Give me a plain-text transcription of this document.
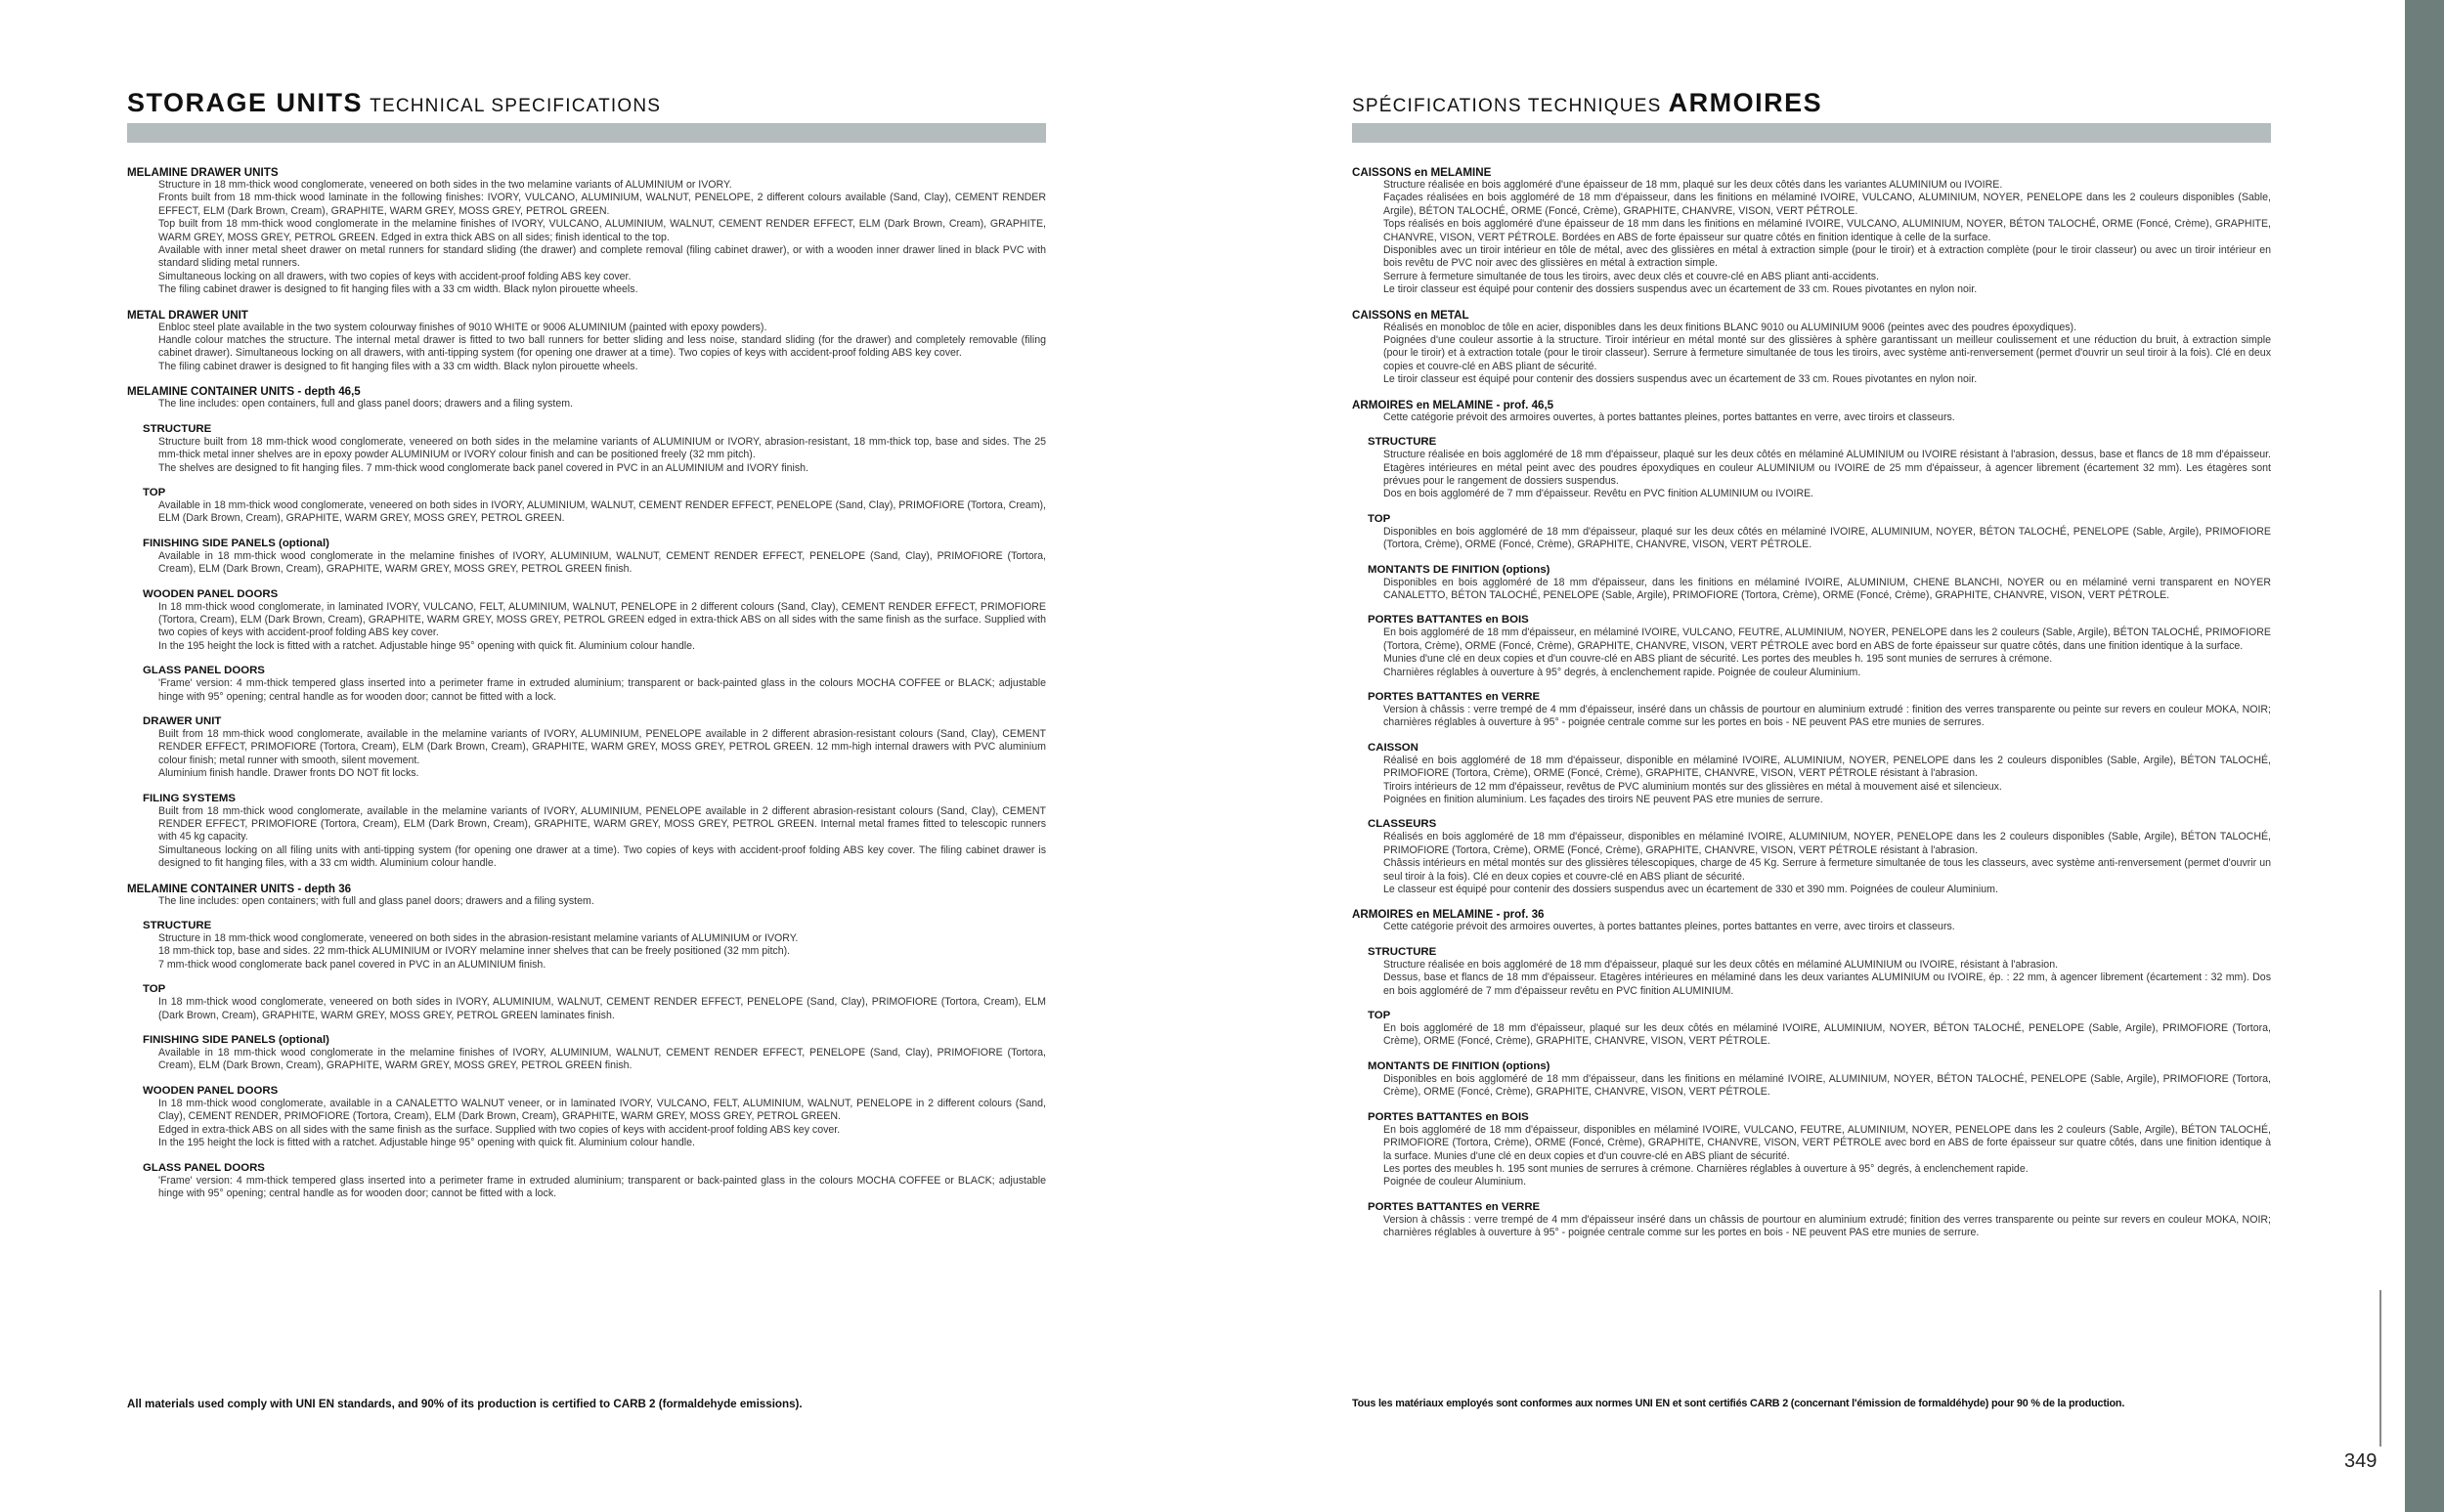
STORAGE UNITS TECHNICAL SPECIFICATIONS
MELAMINE DRAWER UNITS
Structure in 18 mm-thick wood conglomerate, veneered on both sides in the two melamine variants of ALUMINIUM or IVORY.
Fronts built from 18 mm-thick wood laminate in the following finishes: IVORY, VULCANO, ALUMINIUM, WALNUT, PENELOPE, 2 different colours available (Sand, Clay), CEMENT RENDER EFFECT, ELM (Dark Brown, Cream), GRAPHITE, WARM GREY, MOSS GREY, PETROL GREEN.
Top built from 18 mm-thick wood conglomerate in the melamine finishes of IVORY, VULCANO, ALUMINIUM, WALNUT, CEMENT RENDER EFFECT, ELM (Dark Brown, Cream), GRAPHITE, WARM GREY, MOSS GREY, PETROL GREEN. Edged in extra thick ABS on all sides; finish identical to the top.
Available with inner metal sheet drawer on metal runners for standard sliding (the drawer) and complete removal (filing cabinet drawer), or with a wooden inner drawer lined in black PVC with standard sliding metal runners.
Simultaneous locking on all drawers, with two copies of keys with accident-proof folding ABS key cover.
The filing cabinet drawer is designed to fit hanging files with a 33 cm width. Black nylon pirouette wheels.
METAL DRAWER UNIT
Enbloc steel plate available in the two system colourway finishes of 9010 WHITE or 9006 ALUMINIUM (painted with epoxy powders).
Handle colour matches the structure. The internal metal drawer is fitted to two ball runners for better sliding and less noise, standard sliding (for the drawer) and completely removable (filing cabinet drawer). Simultaneous locking on all drawers, with anti-tipping system (for opening one drawer at a time). Two copies of keys with accident-proof folding ABS key cover.
The filing cabinet drawer is designed to fit hanging files with a 33 cm width. Black nylon pirouette wheels.
MELAMINE CONTAINER UNITS - depth 46,5
The line includes: open containers, full and glass panel doors; drawers and a filing system.
STRUCTURE
Structure built from 18 mm-thick wood conglomerate, veneered on both sides in the melamine variants of ALUMINIUM or IVORY, abrasion-resistant, 18 mm-thick top, base and sides. The 25 mm-thick metal inner shelves are in epoxy powder ALUMINIUM or IVORY colour finish and can be positioned freely (32 mm pitch).
The shelves are designed to fit hanging files. 7 mm-thick wood conglomerate back panel covered in PVC in an ALUMINIUM and IVORY finish.
TOP
Available in 18 mm-thick wood conglomerate, veneered on both sides in IVORY, ALUMINIUM, WALNUT, CEMENT RENDER EFFECT, PENELOPE (Sand, Clay), PRIMOFIORE (Tortora, Cream), ELM (Dark Brown, Cream), GRAPHITE, WARM GREY, MOSS GREY, PETROL GREEN.
FINISHING SIDE PANELS (optional)
Available in 18 mm-thick wood conglomerate in the melamine finishes of IVORY, ALUMINIUM, WALNUT, CEMENT RENDER EFFECT, PENELOPE (Sand, Clay), PRIMOFIORE (Tortora, Cream), ELM (Dark Brown, Cream), GRAPHITE, WARM GREY, MOSS GREY, PETROL GREEN finish.
WOODEN PANEL DOORS
In 18 mm-thick wood conglomerate, in laminated IVORY, VULCANO, FELT, ALUMINIUM, WALNUT, PENELOPE in 2 different colours (Sand, Clay), CEMENT RENDER EFFECT, PRIMOFIORE (Tortora, Cream), ELM (Dark Brown, Cream), GRAPHITE, WARM GREY, MOSS GREY, PETROL GREEN edged in extra-thick ABS on all sides with the same finish as the surface. Supplied with two copies of keys with accident-proof folding ABS key cover.
In the 195 height the lock is fitted with a ratchet. Adjustable hinge 95° opening with quick fit. Aluminium colour handle.
GLASS PANEL DOORS
'Frame' version: 4 mm-thick tempered glass inserted into a perimeter frame in extruded aluminium; transparent or back-painted glass in the colours MOCHA COFFEE or BLACK; adjustable hinge with 95° opening; central handle as for wooden door; cannot be fitted with a lock.
DRAWER UNIT
Built from 18 mm-thick wood conglomerate, available in the melamine variants of IVORY, ALUMINIUM, PENELOPE available in 2 different abrasion-resistant colours (Sand, Clay), CEMENT RENDER EFFECT, PRIMOFIORE (Tortora, Cream), ELM (Dark Brown, Cream), GRAPHITE, WARM GREY, MOSS GREY, PETROL GREEN. 12 mm-high internal drawers with PVC aluminium colour finish; metal runner with smooth, silent movement.
Aluminium finish handle. Drawer fronts DO NOT fit locks.
FILING SYSTEMS
Built from 18 mm-thick wood conglomerate, available in the melamine variants of IVORY, ALUMINIUM, PENELOPE available in 2 different abrasion-resistant colours (Sand, Clay), CEMENT RENDER EFFECT, PRIMOFIORE (Tortora, Cream), ELM (Dark Brown, Cream), GRAPHITE, WARM GREY, MOSS GREY, PETROL GREEN. Internal metal frames fitted to telescopic runners with 45 kg capacity.
Simultaneous locking on all filing units with anti-tipping system (for opening one drawer at a time). Two copies of keys with accident-proof folding ABS key cover. The filing cabinet drawer is designed to fit hanging files, with a 33 cm width. Aluminium colour handle.
MELAMINE CONTAINER UNITS - depth 36
The line includes: open containers; with full and glass panel doors; drawers and a filing system.
STRUCTURE
Structure in 18 mm-thick wood conglomerate, veneered on both sides in the abrasion-resistant melamine variants of ALUMINIUM or IVORY.
18 mm-thick top, base and sides. 22 mm-thick ALUMINIUM or IVORY melamine inner shelves that can be freely positioned (32 mm pitch).
7 mm-thick wood conglomerate back panel covered in PVC in an ALUMINIUM finish.
TOP
In 18 mm-thick wood conglomerate, veneered on both sides in IVORY, ALUMINIUM, WALNUT, CEMENT RENDER EFFECT, PENELOPE (Sand, Clay), PRIMOFIORE (Tortora, Cream), ELM (Dark Brown, Cream), GRAPHITE, WARM GREY, MOSS GREY, PETROL GREEN laminates finish.
FINISHING SIDE PANELS (optional)
Available in 18 mm-thick wood conglomerate in the melamine finishes of IVORY, ALUMINIUM, WALNUT, CEMENT RENDER EFFECT, PENELOPE (Sand, Clay), PRIMOFIORE (Tortora, Cream), ELM (Dark Brown, Cream), GRAPHITE, WARM GREY, MOSS GREY, PETROL GREEN finish.
WOODEN PANEL DOORS
In 18 mm-thick wood conglomerate, available in a CANALETTO WALNUT veneer, or in laminated IVORY, VULCANO, FELT, ALUMINIUM, WALNUT, PENELOPE in 2 different colours (Sand, Clay), CEMENT RENDER, PRIMOFIORE (Tortora, Cream), ELM (Dark Brown, Cream), GRAPHITE, WARM GREY, MOSS GREY, PETROL GREEN.
Edged in extra-thick ABS on all sides with the same finish as the surface. Supplied with two copies of keys with accident-proof folding ABS key cover.
In the 195 height the lock is fitted with a ratchet. Adjustable hinge 95° opening with quick fit. Aluminium colour handle.
GLASS PANEL DOORS
'Frame' version: 4 mm-thick tempered glass inserted into a perimeter frame in extruded aluminium; transparent or back-painted glass in the colours MOCHA COFFEE or BLACK; adjustable hinge with 95° opening; central handle as for wooden door; cannot be fitted with a lock.
SPÉCIFICATIONS TECHNIQUES ARMOIRES
CAISSONS en MELAMINE
Structure réalisée en bois aggloméré d'une épaisseur de 18 mm, plaqué sur les deux côtés dans les variantes ALUMINIUM ou IVOIRE.
Façades réalisées en bois aggloméré de 18 mm d'épaisseur, dans les finitions en mélaminé IVOIRE, VULCANO, ALUMINIUM, NOYER, PENELOPE dans les 2 couleurs disponibles (Sable, Argile), BÉTON TALOCHÉ, ORME (Foncé, Crème), GRAPHITE, CHANVRE, VISON, VERT PÉTROLE.
Tops réalisés en bois aggloméré d'une épaisseur de 18 mm dans les finitions en mélaminé IVOIRE, VULCANO, ALUMINIUM, NOYER, BÉTON TALOCHÉ, ORME (Foncé, Crème), GRAPHITE, CHANVRE, VISON, VERT PÉTROLE. Bordées en ABS de forte épaisseur sur quatre côtés en finition identique à celle de la surface.
Disponibles avec un tiroir intérieur en tôle de métal, avec des glissières en métal à extraction simple (pour le tiroir) et à extraction complète (pour le tiroir classeur) ou avec un tiroir intérieur en bois revêtu de PVC noir avec des glissières en métal à extraction simple.
Serrure à fermeture simultanée de tous les tiroirs, avec deux clés et couvre-clé en ABS pliant anti-accidents.
Le tiroir classeur est équipé pour contenir des dossiers suspendus avec un écartement de 33 cm. Roues pivotantes en nylon noir.
CAISSONS en METAL
Réalisés en monobloc de tôle en acier, disponibles dans les deux finitions BLANC 9010 ou ALUMINIUM 9006 (peintes avec des poudres époxydiques).
Poignées d'une couleur assortie à la structure. Tiroir intérieur en métal monté sur des glissières à sphère garantissant un meilleur coulissement et une réduction du bruit, à extraction simple (pour le tiroir) et à extraction totale (pour le tiroir classeur). Serrure à fermeture simultanée de tous les tiroirs, avec système anti-renversement (permet d'ouvrir un seul tiroir à la fois). Clé en deux copies et couvre-clé en ABS pliant de sécurité.
Le tiroir classeur est équipé pour contenir des dossiers suspendus avec un écartement de 33 cm. Roues pivotantes en nylon noir.
ARMOIRES en MELAMINE - prof. 46,5
Cette catégorie prévoit des armoires ouvertes, à portes battantes pleines, portes battantes en verre, avec tiroirs et classeurs.
STRUCTURE
Structure réalisée en bois aggloméré de 18 mm d'épaisseur, plaqué sur les deux côtés en mélaminé ALUMINIUM ou IVOIRE résistant à l'abrasion, dessus, base et flancs de 18 mm d'épaisseur. Etagères intérieures en métal peint avec des poudres époxydiques en couleur ALUMINIUM ou IVOIRE de 25 mm d'épaisseur, à agencer librement (écartement 32 mm). Les étagères sont prévues pour le rangement de dossiers suspendus.
Dos en bois aggloméré de 7 mm d'épaisseur. Revêtu en PVC finition ALUMINIUM ou IVOIRE.
TOP
Disponibles en bois aggloméré de 18 mm d'épaisseur, plaqué sur les deux côtés en mélaminé IVOIRE, ALUMINIUM, NOYER, BÉTON TALOCHÉ, PENELOPE (Sable, Argile), PRIMOFIORE (Tortora, Crème), ORME (Foncé, Crème), GRAPHITE, CHANVRE, VISON, VERT PÉTROLE.
MONTANTS DE FINITION (options)
Disponibles en bois aggloméré de 18 mm d'épaisseur, dans les finitions en mélaminé IVOIRE, ALUMINIUM, CHENE BLANCHI, NOYER ou en mélaminé verni transparent en NOYER CANALETTO, BÉTON TALOCHÉ, PENELOPE (Sable, Argile), PRIMOFIORE (Tortora, Crème), ORME (Foncé, Crème), GRAPHITE, CHANVRE, VISON, VERT PÉTROLE.
PORTES BATTANTES en BOIS
En bois aggloméré de 18 mm d'épaisseur, en mélaminé IVOIRE, VULCANO, FEUTRE, ALUMINIUM, NOYER, PENELOPE dans les 2 couleurs (Sable, Argile), BÉTON TALOCHÉ, PRIMOFIORE (Tortora, Crème), ORME (Foncé, Crème), GRAPHITE, CHANVRE, VISON, VERT PÉTROLE avec bord en ABS de forte épaisseur sur quatre côtés, dans une finition identique à la surface.
Munies d'une clé en deux copies et d'un couvre-clé en ABS pliant de sécurité. Les portes des meubles h. 195 sont munies de serrures à crémone.
Charnières réglables à ouverture à 95° degrés, à enclenchement rapide. Poignée de couleur Aluminium.
PORTES BATTANTES en VERRE
Version à châssis : verre trempé de 4 mm d'épaisseur, inséré dans un châssis de pourtour en aluminium extrudé : finition des verres transparente ou peinte sur revers en couleur MOKA, NOIR; charnières réglables à ouverture à 95° - poignée centrale comme sur les portes en bois - NE peuvent PAS etre munies de serrures.
CAISSON
Réalisé en bois aggloméré de 18 mm d'épaisseur, disponible en mélaminé IVOIRE, ALUMINIUM, NOYER, PENELOPE dans les 2 couleurs disponibles (Sable, Argile), BÉTON TALOCHÉ, PRIMOFIORE (Tortora, Crème), ORME (Foncé, Crème), GRAPHITE, CHANVRE, VISON, VERT PÉTROLE résistant à l'abrasion.
Tiroirs intérieurs de 12 mm d'épaisseur, revêtus de PVC aluminium montés sur des glissières en métal à mouvement aisé et silencieux.
Poignées en finition aluminium. Les façades des tiroirs NE peuvent PAS etre munies de serrure.
CLASSEURS
Réalisés en bois aggloméré de 18 mm d'épaisseur, disponibles en mélaminé IVOIRE, ALUMINIUM, NOYER, PENELOPE dans les 2 couleurs disponibles (Sable, Argile), BÉTON TALOCHÉ, PRIMOFIORE (Tortora, Crème), ORME (Foncé, Crème), GRAPHITE, CHANVRE, VISON, VERT PÉTROLE résistant à l'abrasion.
Châssis intérieurs en métal montés sur des glissières télescopiques, charge de 45 Kg. Serrure à fermeture simultanée de tous les classeurs, avec système anti-renversement (permet d'ouvrir un seul tiroir à la fois). Clé en deux copies et couvre-clé en ABS pliant de sécurité.
Le classeur est équipé pour contenir des dossiers suspendus avec un écartement de 330 et 390 mm. Poignées de couleur Aluminium.
ARMOIRES en MELAMINE - prof. 36
Cette catégorie prévoit des armoires ouvertes, à portes battantes pleines, portes battantes en verre, avec tiroirs et classeurs.
STRUCTURE
Structure réalisée en bois aggloméré de 18 mm d'épaisseur, plaqué sur les deux côtés en mélaminé ALUMINIUM ou IVOIRE, résistant à l'abrasion.
Dessus, base et flancs de 18 mm d'épaisseur. Etagères intérieures en mélaminé dans les deux variantes ALUMINIUM ou IVOIRE, ép. : 22 mm, à agencer librement (écartement : 32 mm). Dos en bois aggloméré de 7 mm d'épaisseur revêtu en PVC finition ALUMINIUM.
TOP
En bois aggloméré de 18 mm d'épaisseur, plaqué sur les deux côtés en mélaminé IVOIRE, ALUMINIUM, NOYER, BÉTON TALOCHÉ, PENELOPE (Sable, Argile), PRIMOFIORE (Tortora, Crème), ORME (Foncé, Crème), GRAPHITE, CHANVRE, VISON, VERT PÉTROLE.
MONTANTS DE FINITION (options)
Disponibles en bois aggloméré de 18 mm d'épaisseur, dans les finitions en mélaminé IVOIRE, ALUMINIUM, NOYER, BÉTON TALOCHÉ, PENELOPE (Sable, Argile), PRIMOFIORE (Tortora, Crème), ORME (Foncé, Crème), GRAPHITE, CHANVRE, VISON, VERT PÉTROLE.
PORTES BATTANTES en BOIS
En bois aggloméré de 18 mm d'épaisseur, disponibles en mélaminé IVOIRE, VULCANO, FEUTRE, ALUMINIUM, NOYER, PENELOPE dans les 2 couleurs (Sable, Argile), BÉTON TALOCHÉ, PRIMOFIORE (Tortora, Crème), ORME (Foncé, Crème), GRAPHITE, CHANVRE, VISON, VERT PÉTROLE avec bord en ABS de forte épaisseur sur quatre côtés, dans une finition identique à la surface. Munies d'une clé en deux copies et d'un couvre-clé en ABS pliant de sécurité.
Les portes des meubles h. 195 sont munies de serrures à crémone. Charnières réglables à ouverture à 95° degrés, à enclenchement rapide.
Poignée de couleur Aluminium.
PORTES BATTANTES en VERRE
Version à châssis : verre trempé de 4 mm d'épaisseur inséré dans un châssis de pourtour en aluminium extrudé; finition des verres transparente ou peinte sur revers en couleur MOKA, NOIR; charnières réglables à ouverture à 95° - poignée centrale comme sur les portes en bois - NE peuvent PAS etre munies de serrure.
All materials used comply with UNI EN standards, and 90% of its production is certified to CARB 2 (formaldehyde emissions).	Tous les matériaux employés sont conformes aux normes UNI EN et sont certifiés CARB 2 (concernant l'émission de formaldéhyde) pour 90 % de la production.
349
